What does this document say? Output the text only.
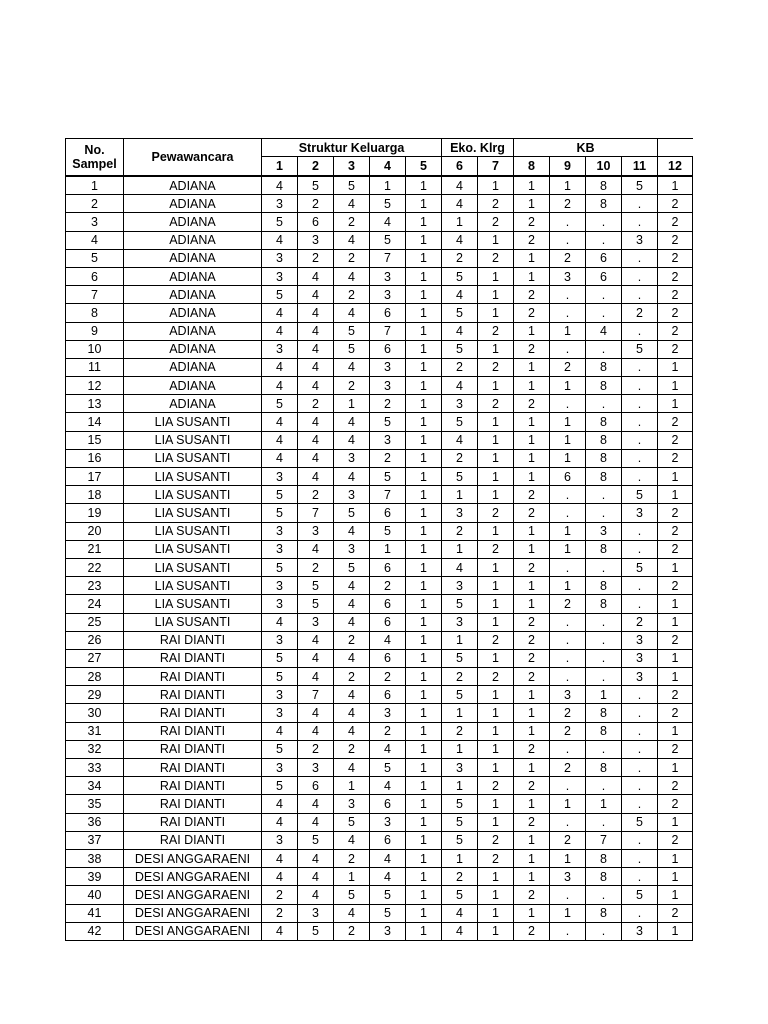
No.
Sampel	Pewawancara	Struktur Keluarga					Eko. Klrg		KB				
		1	2	3	4	5	6	7	8	9	10	11	12
1	ADIANA	4	5	5	1	1	4	1	1	1	8	5	1
2	ADIANA	3	2	4	5	1	4	2	1	2	8	.	2
3	ADIANA	5	6	2	4	1	1	2	2	.	.	.	2
4	ADIANA	4	3	4	5	1	4	1	2	.	.	3	2
5	ADIANA	3	2	2	7	1	2	2	1	2	6	.	2
6	ADIANA	3	4	4	3	1	5	1	1	3	6	.	2
7	ADIANA	5	4	2	3	1	4	1	2	.	.	.	2
8	ADIANA	4	4	4	6	1	5	1	2	.	.	2	2
9	ADIANA	4	4	5	7	1	4	2	1	1	4	.	2
10	ADIANA	3	4	5	6	1	5	1	2	.	.	5	2
11	ADIANA	4	4	4	3	1	2	2	1	2	8	.	1
12	ADIANA	4	4	2	3	1	4	1	1	1	8	.	1
13	ADIANA	5	2	1	2	1	3	2	2	.	.	.	1
14	LIA SUSANTI	4	4	4	5	1	5	1	1	1	8	.	2
15	LIA SUSANTI	4	4	4	3	1	4	1	1	1	8	.	2
16	LIA SUSANTI	4	4	3	2	1	2	1	1	1	8	.	2
17	LIA SUSANTI	3	4	4	5	1	5	1	1	6	8	.	1
18	LIA SUSANTI	5	2	3	7	1	1	1	2	.	.	5	1
19	LIA SUSANTI	5	7	5	6	1	3	2	2	.	.	3	2
20	LIA SUSANTI	3	3	4	5	1	2	1	1	1	3	.	2
21	LIA SUSANTI	3	4	3	1	1	1	2	1	1	8	.	2
22	LIA SUSANTI	5	2	5	6	1	4	1	2	.	.	5	1
23	LIA SUSANTI	3	5	4	2	1	3	1	1	1	8	.	2
24	LIA SUSANTI	3	5	4	6	1	5	1	1	2	8	.	1
25	LIA SUSANTI	4	3	4	6	1	3	1	2	.	.	2	1
26	RAI DIANTI	3	4	2	4	1	1	2	2	.	.	3	2
27	RAI DIANTI	5	4	4	6	1	5	1	2	.	.	3	1
28	RAI DIANTI	5	4	2	2	1	2	2	2	.	.	3	1
29	RAI DIANTI	3	7	4	6	1	5	1	1	3	1	.	2
30	RAI DIANTI	3	4	4	3	1	1	1	1	2	8	.	2
31	RAI DIANTI	4	4	4	2	1	2	1	1	2	8	.	1
32	RAI DIANTI	5	2	2	4	1	1	1	2	.	.	.	2
33	RAI DIANTI	3	3	4	5	1	3	1	1	2	8	.	1
34	RAI DIANTI	5	6	1	4	1	1	2	2	.	.	.	2
35	RAI DIANTI	4	4	3	6	1	5	1	1	1	1	.	2
36	RAI DIANTI	4	4	5	3	1	5	1	2	.	.	5	1
37	RAI DIANTI	3	5	4	6	1	5	2	1	2	7	.	2
38	DESI ANGGARAENI	4	4	2	4	1	1	2	1	1	8	.	1
39	DESI ANGGARAENI	4	4	1	4	1	2	1	1	3	8	.	1
40	DESI ANGGARAENI	2	4	5	5	1	5	1	2	.	.	5	1
41	DESI ANGGARAENI	2	3	4	5	1	4	1	1	1	8	.	2
42	DESI ANGGARAENI	4	5	2	3	1	4	1	2	.	.	3	1
